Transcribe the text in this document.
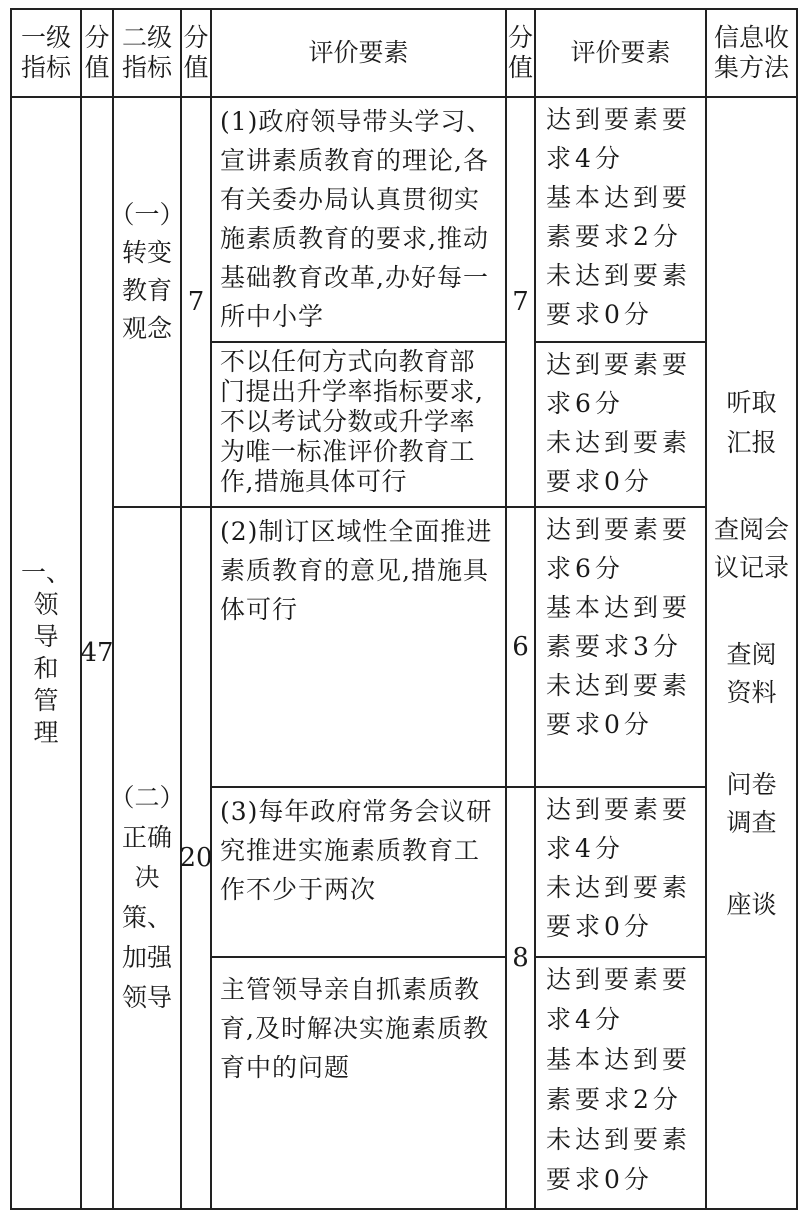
一级
指标
分
值
二级
指标
分
值
评价要素
分
值
评价要素
信息收
集方法
一、
领
导
和
管
理
47
（一）
转变
教育
观念
7
（二）
正确
决
策、
加强
领导
20
(1)政府领导带头学习、宣讲素质教育的理论,各有关委办局认真贯彻实施素质教育的要求,推动基础教育改革,办好每一所中小学	7
达到要素要
求4分
基本达到要
素要求2分
未达到要素
要求0分
不以任何方式向教育部门提出升学率指标要求,不以考试分数或升学率为唯一标准评价教育工作,措施具体可行
达到要素要
求6分
未达到要素
要求0分
(2)制订区域性全面推进素质教育的意见,措施具体可行
6
达到要素要
求6分
基本达到要
素要求3分
未达到要素
要求0分
(3)每年政府常务会议研究推进实施素质教育工作不少于两次
8
达到要素要
求4分
未达到要素
要求0分
主管领导亲自抓素质教育,及时解决实施素质教育中的问题
达到要素要
求4分
基本达到要
素要求2分
未达到要素
要求0分
听取
汇报
查阅会
议记录
查阅
资料
问卷
调查
座谈
